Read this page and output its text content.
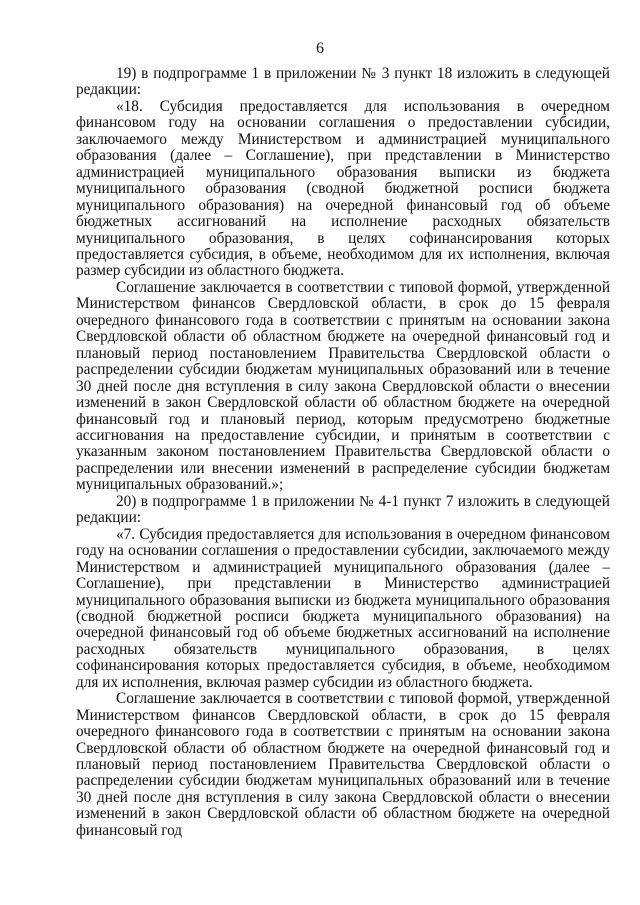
6

19) в подпрограмме 1 в приложении № 3 пункт 18 изложить в следующей редакции:

«18. Субсидия предоставляется для использования в очередном финансовом году на основании соглашения о предоставлении субсидии, заключаемого между Министерством и администрацией муниципального образования (далее – Соглашение), при представлении в Министерство администрацией муниципального образования выписки из бюджета муниципального образования (сводной бюджетной росписи бюджета муниципального образования) на очередной финансовый год об объеме бюджетных ассигнований на исполнение расходных обязательств муниципального образования, в целях софинансирования которых предоставляется субсидия, в объеме, необходимом для их исполнения, включая размер субсидии из областного бюджета.

Соглашение заключается в соответствии с типовой формой, утвержденной Министерством финансов Свердловской области, в срок до 15 февраля очередного финансового года в соответствии с принятым на основании закона Свердловской области об областном бюджете на очередной финансовый год и плановый период постановлением Правительства Свердловской области о распределении субсидии бюджетам муниципальных образований или в течение 30 дней после дня вступления в силу закона Свердловской области о внесении изменений в закон Свердловской области об областном бюджете на очередной финансовый год и плановый период, которым предусмотрено бюджетные ассигнования на предоставление субсидии, и принятым в соответствии с указанным законом постановлением Правительства Свердловской области о распределении или внесении изменений в распределение субсидии бюджетам муниципальных образований.»;

20) в подпрограмме 1 в приложении № 4-1 пункт 7 изложить в следующей редакции:

«7. Субсидия предоставляется для использования в очередном финансовом году на основании соглашения о предоставлении субсидии, заключаемого между Министерством и администрацией муниципального образования (далее – Соглашение), при представлении в Министерство администрацией муниципального образования выписки из бюджета муниципального образования (сводной бюджетной росписи бюджета муниципального образования) на очередной финансовый год об объеме бюджетных ассигнований на исполнение расходных обязательств муниципального образования, в целях софинансирования которых предоставляется субсидия, в объеме, необходимом для их исполнения, включая размер субсидии из областного бюджета.

Соглашение заключается в соответствии с типовой формой, утвержденной Министерством финансов Свердловской области, в срок до 15 февраля очередного финансового года в соответствии с принятым на основании закона Свердловской области об областном бюджете на очередной финансовый год и плановый период постановлением Правительства Свердловской области о распределении субсидии бюджетам муниципальных образований или в течение 30 дней после дня вступления в силу закона Свердловской области о внесении изменений в закон Свердловской области об областном бюджете на очередной финансовый год
